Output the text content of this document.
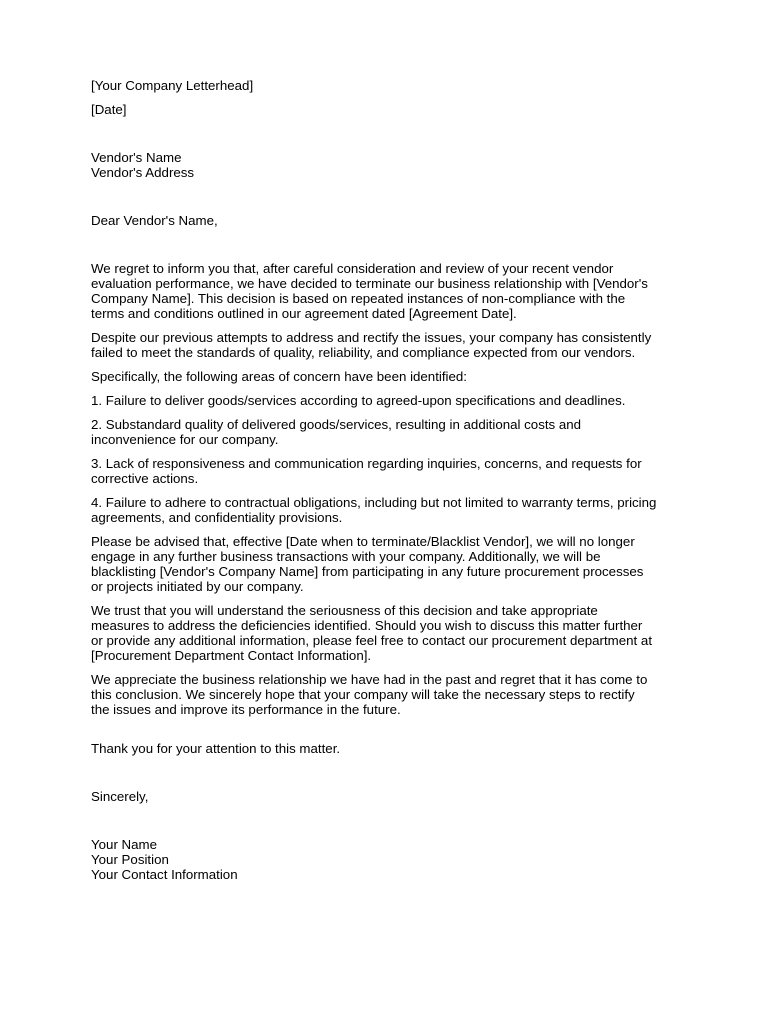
[Your Company Letterhead]
[Date]
Vendor's Name
Vendor's Address
Dear Vendor's Name,

We regret to inform you that, after careful consideration and review of your recent vendor
evaluation performance, we have decided to terminate our business relationship with [Vendor's
Company Name]. This decision is based on repeated instances of non-compliance with the
terms and conditions outlined in our agreement dated [Agreement Date].

Despite our previous attempts to address and rectify the issues, your company has consistently
failed to meet the standards of quality, reliability, and compliance expected from our vendors.

Specifically, the following areas of concern have been identified:

1. Failure to deliver goods/services according to agreed-upon specifications and deadlines.

2. Substandard quality of delivered goods/services, resulting in additional costs and
inconvenience for our company.

3. Lack of responsiveness and communication regarding inquiries, concerns, and requests for
corrective actions.

4. Failure to adhere to contractual obligations, including but not limited to warranty terms, pricing
agreements, and confidentiality provisions.

Please be advised that, effective [Date when to terminate/Blacklist Vendor], we will no longer
engage in any further business transactions with your company. Additionally, we will be
blacklisting [Vendor's Company Name] from participating in any future procurement processes
or projects initiated by our company.

We trust that you will understand the seriousness of this decision and take appropriate
measures to address the deficiencies identified. Should you wish to discuss this matter further
or provide any additional information, please feel free to contact our procurement department at
[Procurement Department Contact Information].

We appreciate the business relationship we have had in the past and regret that it has come to
this conclusion. We sincerely hope that your company will take the necessary steps to rectify
the issues and improve its performance in the future.

Thank you for your attention to this matter.
Sincerely,
Your Name
Your Position
Your Contact Information
